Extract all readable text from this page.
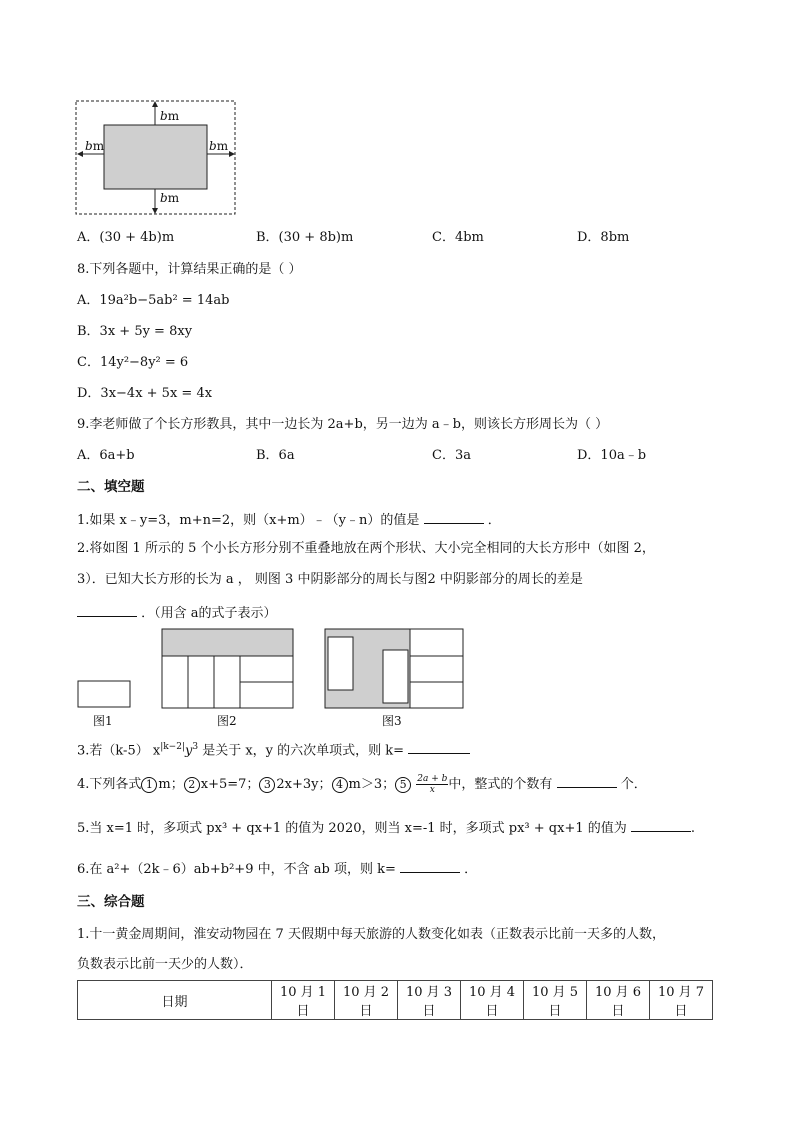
bm
bm	bm
bm
A．(30 + 4b)m	B．(30 + 8b)m	C．4bm	D．8bm
8.下列各题中，计算结果正确的是（ ）
A．19a²b−5ab² = 14ab
B．3x + 5y = 8xy
C．14y²−8y² = 6
D．3x−4x + 5x = 4x
9.李老师做了个长方形教具，其中一边长为 2a+b，另一边为 a﹣b，则该长方形周长为（ ）
A．6a+b	B．6a	C．3a	D．10a﹣b
二、填空题
1.如果 x﹣y=3，m+n=2，则（x+m）﹣（y﹣n）的值是	．
2.将如图 1 所示的 5 个小长方形分别不重叠地放在两个形状、大小完全相同的大长方形中（如图 2，
3）．已知大长方形的长为 a ， 则图 3 中阴影部分的周长与图2 中阴影部分的周长的差是
．（用含 a的式子表示）
图1	图2	图3
3.若（k-5） $x^{|k-2|}y^3$ 是关于 x，y 的六次单项式，则 k=
4.下列各式 1 m； 2 x+5=7； 3 2x+3y； 4 m＞3； $5 \frac{2a + b}{x}$ 中，整式的个数有	个．
5.当 x=1 时，多项式 px³ + qx+1 的值为 2020，则当 x=-1 时，多项式 px³ + qx+1 的值为	.
6.在 a²+（2k﹣6）ab+b²+9 中，不含 ab 项，则 k=	．
三、综合题
1.十一黄金周期间，淮安动物园在 7 天假期中每天旅游的人数变化如表（正数表示比前一天多的人数，
负数表示比前一天少的人数）．
日期	10 月 1 日	10 月 2 日	10 月 3 日	10 月 4 日	10 月 5 日	10 月 6 日	10 月 7 日
